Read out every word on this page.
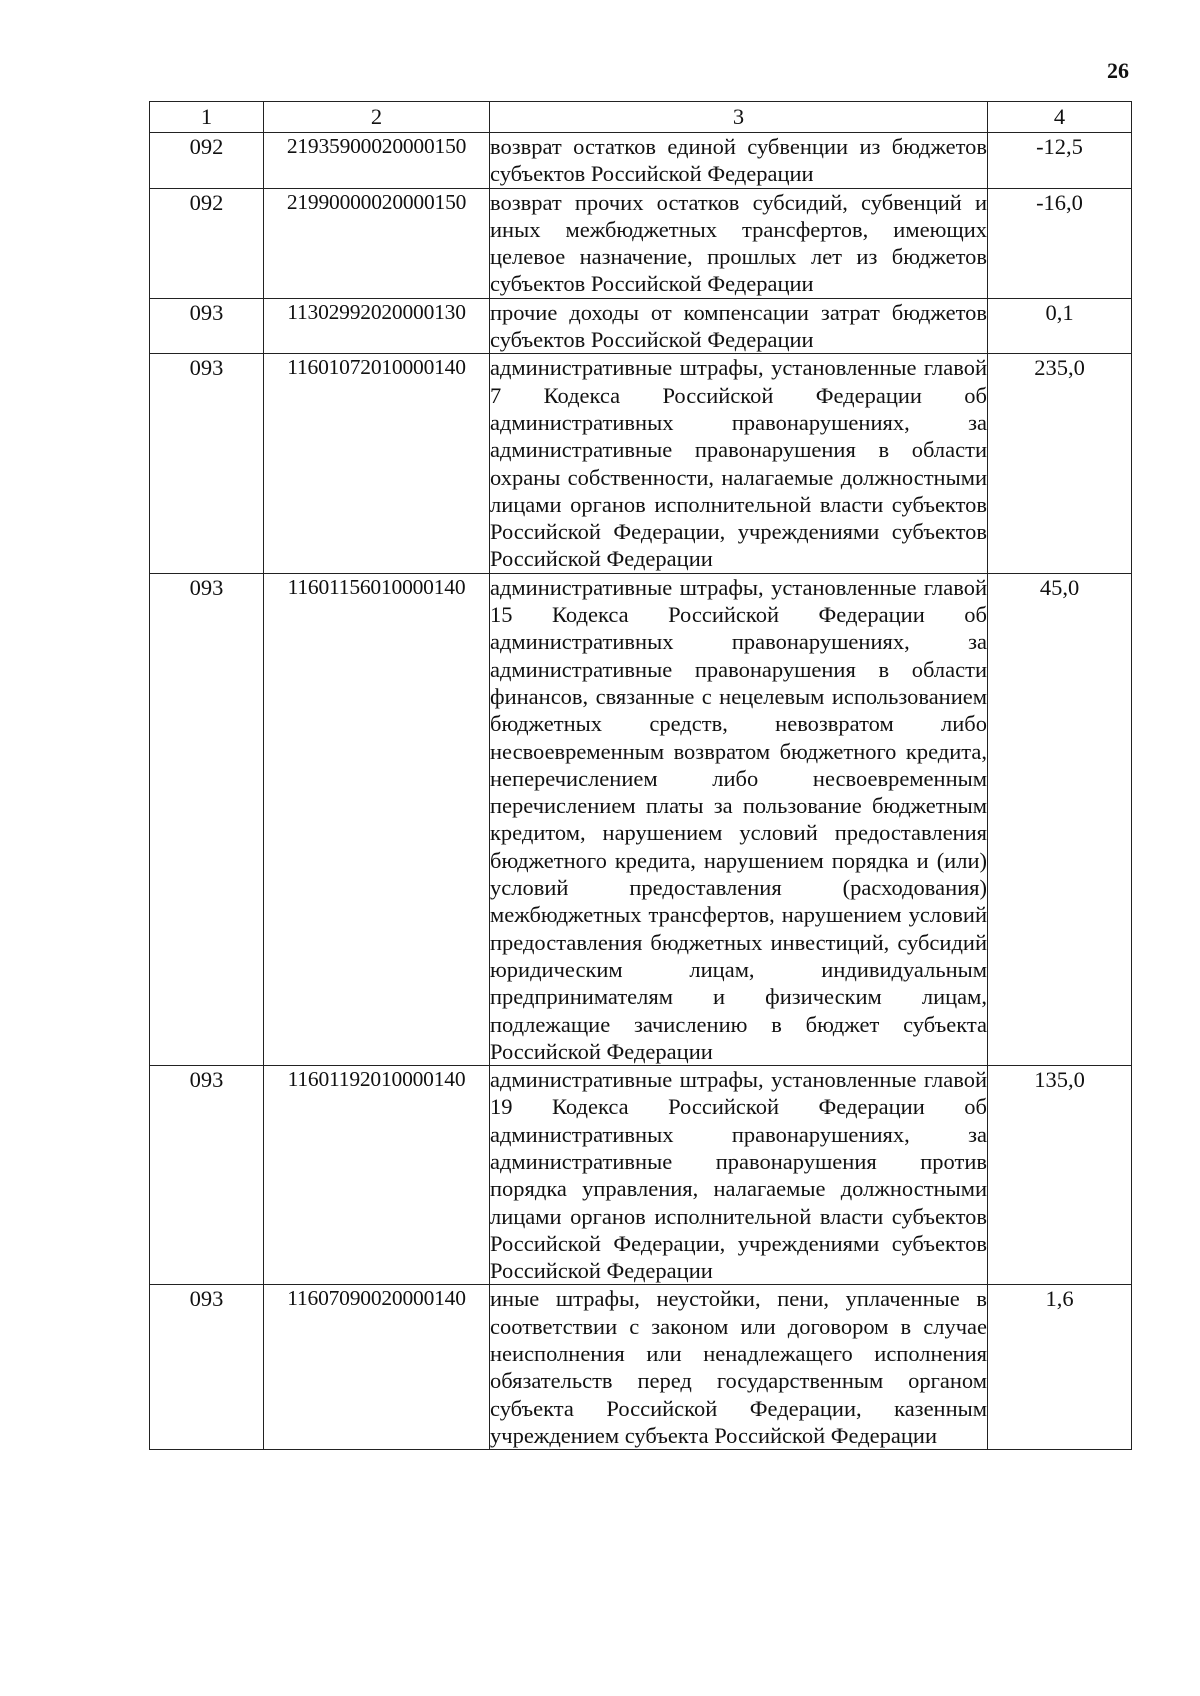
26
1	2	3	4
092	21935900020000150	возврат остатков единой субвенции из бюджетов субъектов Российской Федерации	-12,5
092	21990000020000150	возврат прочих остатков субсидий, субвенций и иных межбюджетных трансфертов, имеющих целевое назначение, прошлых лет из бюджетов субъектов Российской Федерации	-16,0
093	11302992020000130	прочие доходы от компенсации затрат бюджетов субъектов Российской Федерации	0,1
093	11601072010000140	административные штрафы, установленные главой 7 Кодекса Российской Федерации об административных правонарушениях, за административные правонарушения в области охраны собственности, налагаемые должностными лицами органов исполнительной власти субъектов Российской Федерации, учреждениями субъектов Российской Федерации	235,0
093	11601156010000140	административные штрафы, установленные главой 15 Кодекса Российской Федерации об административных правонарушениях, за административные правонарушения в области финансов, связанные с нецелевым использованием бюджетных средств, невозвратом либо несвоевременным возвратом бюджетного кредита, неперечислением либо несвоевременным перечислением платы за пользование бюджетным кредитом, нарушением условий предоставления бюджетного кредита, нарушением порядка и (или) условий предоставления (расходования) межбюджетных трансфертов, нарушением условий предоставления бюджетных инвестиций, субсидий юридическим лицам, индивидуальным предпринимателям и физическим лицам, подлежащие зачислению в бюджет субъекта Российской Федерации	45,0
093	11601192010000140	административные штрафы, установленные главой 19 Кодекса Российской Федерации об административных правонарушениях, за административные правонарушения против порядка управления, налагаемые должностными лицами органов исполнительной власти субъектов Российской Федерации, учреждениями субъектов Российской Федерации	135,0
093	11607090020000140	иные штрафы, неустойки, пени, уплаченные в соответствии с законом или договором в случае неисполнения или ненадлежащего исполнения обязательств перед государственным органом субъекта Российской Федерации, казенным учреждением субъекта Российской Федерации	1,6
